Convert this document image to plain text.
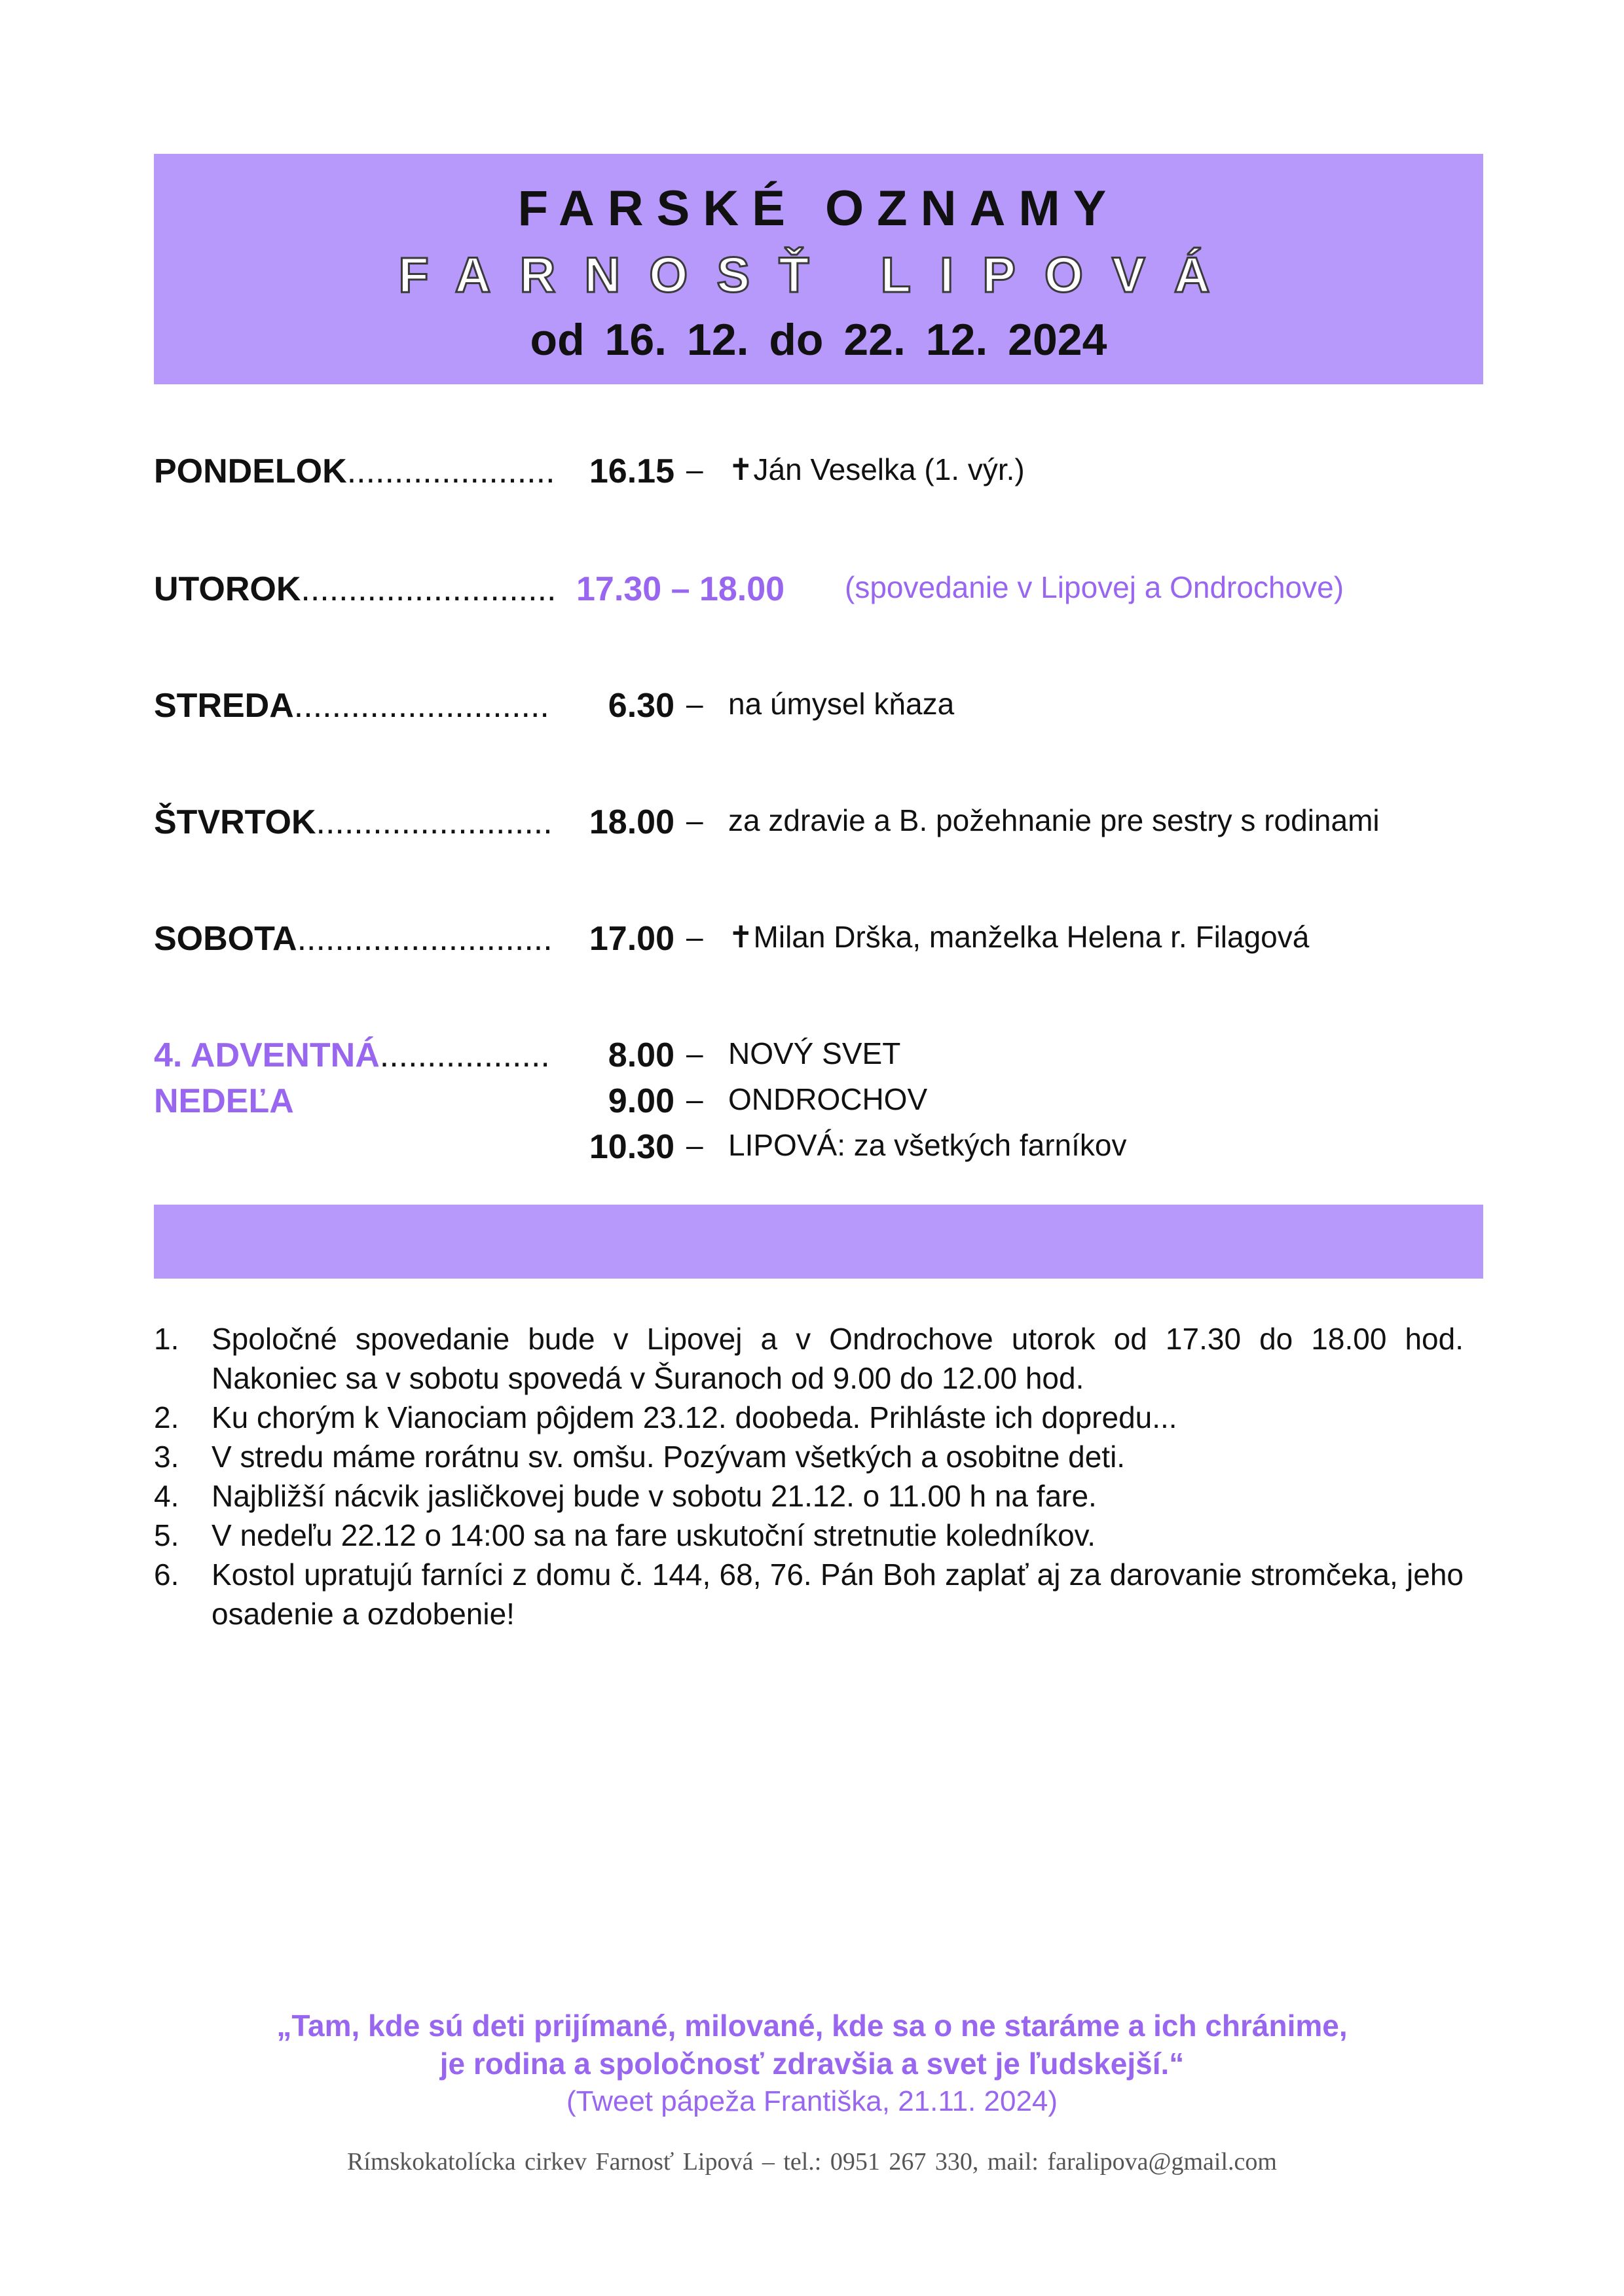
FARSKÉ OZNAMY
FARNOSŤ LIPOVÁ
od 16. 12. do 22. 12. 2024
PONDELOK......................	16.15 – ✝Ján Veselka (1. výr.)
UTOROK........................... 17.30 – 18.00 (spovedanie v Lipovej a Ondrochove)
STREDA...........................	6.30 – na úmysel kňaza
ŠTVRTOK.........................	18.00 – za zdravie a B. požehnanie pre sestry s rodinami
SOBOTA...........................	17.00 – ✝Milan Drška, manželka Helena r. Filagová
4. ADVENTNÁ..................	8.00 – NOVÝ SVET
NEDEĽA	9.00 – ONDROCHOV
10.30 – LIPOVÁ: za všetkých farníkov
1. Spoločné spovedanie bude v Lipovej a v Ondrochove utorok od 17.30 do 18.00 hod. Nakoniec sa v sobotu spovedá v Šuranoch od 9.00 do 12.00 hod.
2. Ku chorým k Vianociam pôjdem 23.12. doobeda. Prihláste ich dopredu...
3. V stredu máme rorátnu sv. omšu. Pozývam všetkých a osobitne deti.
4. Najbližší nácvik jasličkovej bude v sobotu 21.12. o 11.00 h na fare.
5. V nedeľu 22.12 o 14:00 sa na fare uskutoční stretnutie koledníkov.
6. Kostol upratujú farníci z domu č. 144, 68, 76. Pán Boh zaplať aj za darovanie stromčeka, jeho osadenie a ozdobenie!
„Tam, kde sú deti prijímané, milované, kde sa o ne staráme a ich chránime,
je rodina a spoločnosť zdravšia a svet je ľudskejší.“
(Tweet pápeža Františka, 21.11. 2024)
Rímskokatolícka cirkev Farnosť Lipová – tel.: 0951 267 330, mail: faralipova@gmail.com
